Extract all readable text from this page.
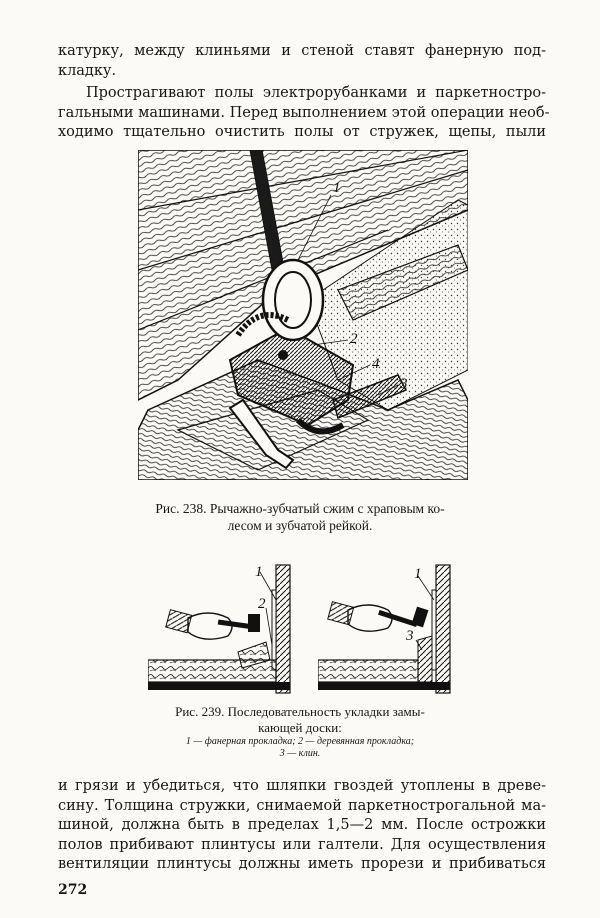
катурку, между клиньями и стеной ставят фанерную под-
кладку.
Прострагивают полы электрорубанками и паркетностро-
гальными машинами. Перед выполнением этой операции необ-
ходимо тщательно очистить полы от стружек, щепы, пыли
1
2
4
3
Рис. 238. Рычажно-зубчатый сжим с храповым ко-
лесом и зубчатой рейкой.
1
2
1
3
Рис. 239. Последовательность укладки замы-
кающей доски:
1 — фанерная прокладка; 2 — деревянная прокладка;
3 — клин.
и грязи и убедиться, что шляпки гвоздей утоплены в древе-
сину. Толщина стружки, снимаемой паркетнострогальной ма-
шиной, должна быть в пределах 1,5—2 мм. После острожки
полов прибивают плинтусы или галтели. Для осуществления
вентиляции плинтусы должны иметь прорези и прибиваться
272
